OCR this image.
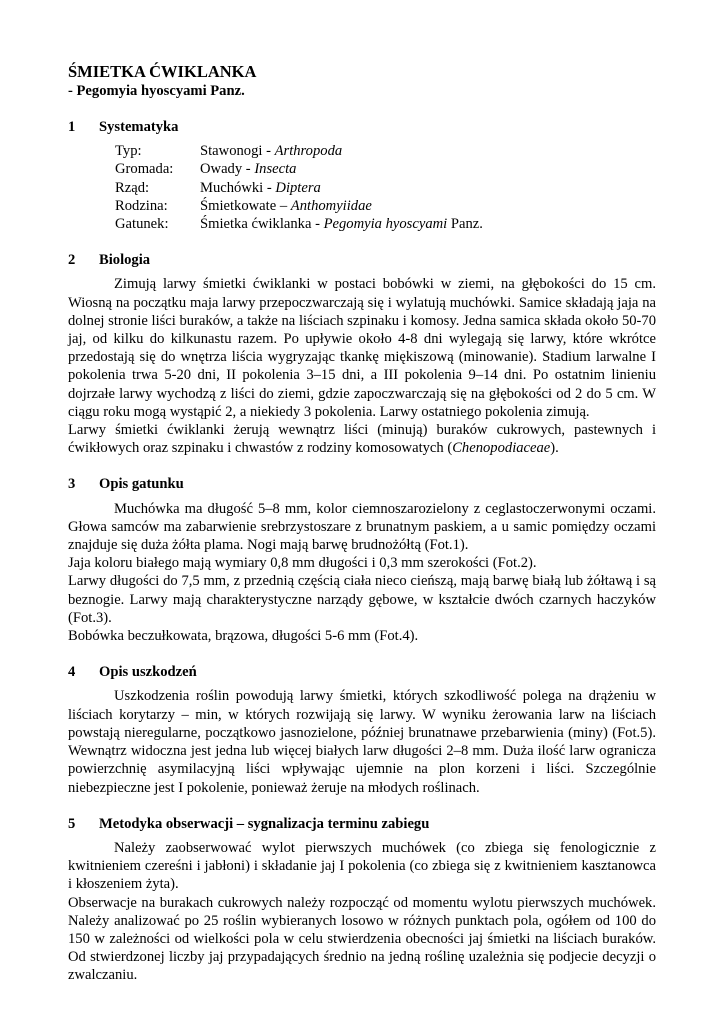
ŚMIETKA ĆWIKLANKA
- Pegomyia hyoscyami Panz.
1	Systematyka
Typ:	Stawonogi - Arthropoda
Gromada:	Owady - Insecta
Rząd:	Muchówki - Diptera
Rodzina:	Śmietkowate – Anthomyiidae
Gatunek:	Śmietka ćwiklanka - Pegomyia hyoscyami Panz.
2	Biologia

Zimują larwy śmietki ćwiklanki w postaci bobówki w ziemi, na głębokości do 15 cm. Wiosną na początku maja larwy przepoczwarczają się i wylatują muchówki. Samice składają jaja na dolnej stronie liści buraków, a także na liściach szpinaku i komosy. Jedna samica składa około 50-70 jaj, od kilku do kilkunastu razem. Po upływie około 4-8 dni wylegają się larwy, które wkrótce przedostają się do wnętrza liścia wygryzając tkankę miękiszową (minowanie). Stadium larwalne I pokolenia trwa 5-20 dni, II pokolenia 3–15 dni, a III pokolenia 9–14 dni. Po ostatnim linieniu dojrzałe larwy wychodzą z liści do ziemi, gdzie zapoczwarczają się na głębokości od 2 do 5 cm. W ciągu roku mogą wystąpić 2, a niekiedy 3 pokolenia. Larwy ostatniego pokolenia zimują.

Larwy śmietki ćwiklanki żerują wewnątrz liści (minują) buraków cukrowych, pastewnych i ćwikłowych oraz szpinaku i chwastów z rodziny komosowatych (Chenopodiaceae).

3	Opis gatunku

Muchówka ma długość 5–8 mm, kolor ciemnoszarozielony z ceglastoczerwonymi oczami. Głowa samców ma zabarwienie srebrzystoszare z brunatnym paskiem, a u samic pomiędzy oczami znajduje się duża żółta plama. Nogi mają barwę brudnożółtą (Fot.1).

Jaja koloru białego mają wymiary 0,8 mm długości i 0,3 mm szerokości (Fot.2).

Larwy długości do 7,5 mm, z przednią częścią ciała nieco cieńszą, mają barwę białą lub żółtawą i są beznogie. Larwy mają charakterystyczne narządy gębowe, w kształcie dwóch czarnych haczyków (Fot.3).

Bobówka beczułkowata, brązowa, długości 5-6 mm (Fot.4).

4	Opis uszkodzeń

Uszkodzenia roślin powodują larwy śmietki, których szkodliwość polega na drążeniu w liściach korytarzy – min, w których rozwijają się larwy. W wyniku żerowania larw na liściach powstają nieregularne, początkowo jasnozielone, później brunatnawe przebarwienia (miny) (Fot.5). Wewnątrz widoczna jest jedna lub więcej białych larw długości 2–8 mm. Duża ilość larw ogranicza powierzchnię asymilacyjną liści wpływając ujemnie na plon korzeni i liści. Szczególnie niebezpieczne jest I pokolenie, ponieważ żeruje na młodych roślinach.

5	Metodyka obserwacji – sygnalizacja terminu zabiegu

Należy zaobserwować wylot pierwszych muchówek (co zbiega się fenologicznie z kwitnieniem czereśni i jabłoni) i składanie jaj I pokolenia (co zbiega się z kwitnieniem kasztanowca i kłoszeniem żyta).

Obserwacje na burakach cukrowych należy rozpocząć od momentu wylotu pierwszych muchówek. Należy analizować po 25 roślin wybieranych losowo w różnych punktach pola, ogółem od 100 do 150 w zależności od wielkości pola w celu stwierdzenia obecności jaj śmietki na liściach buraków. Od stwierdzonej liczby jaj przypadających średnio na jedną roślinę uzależnia się podjecie decyzji o zwalczaniu.
